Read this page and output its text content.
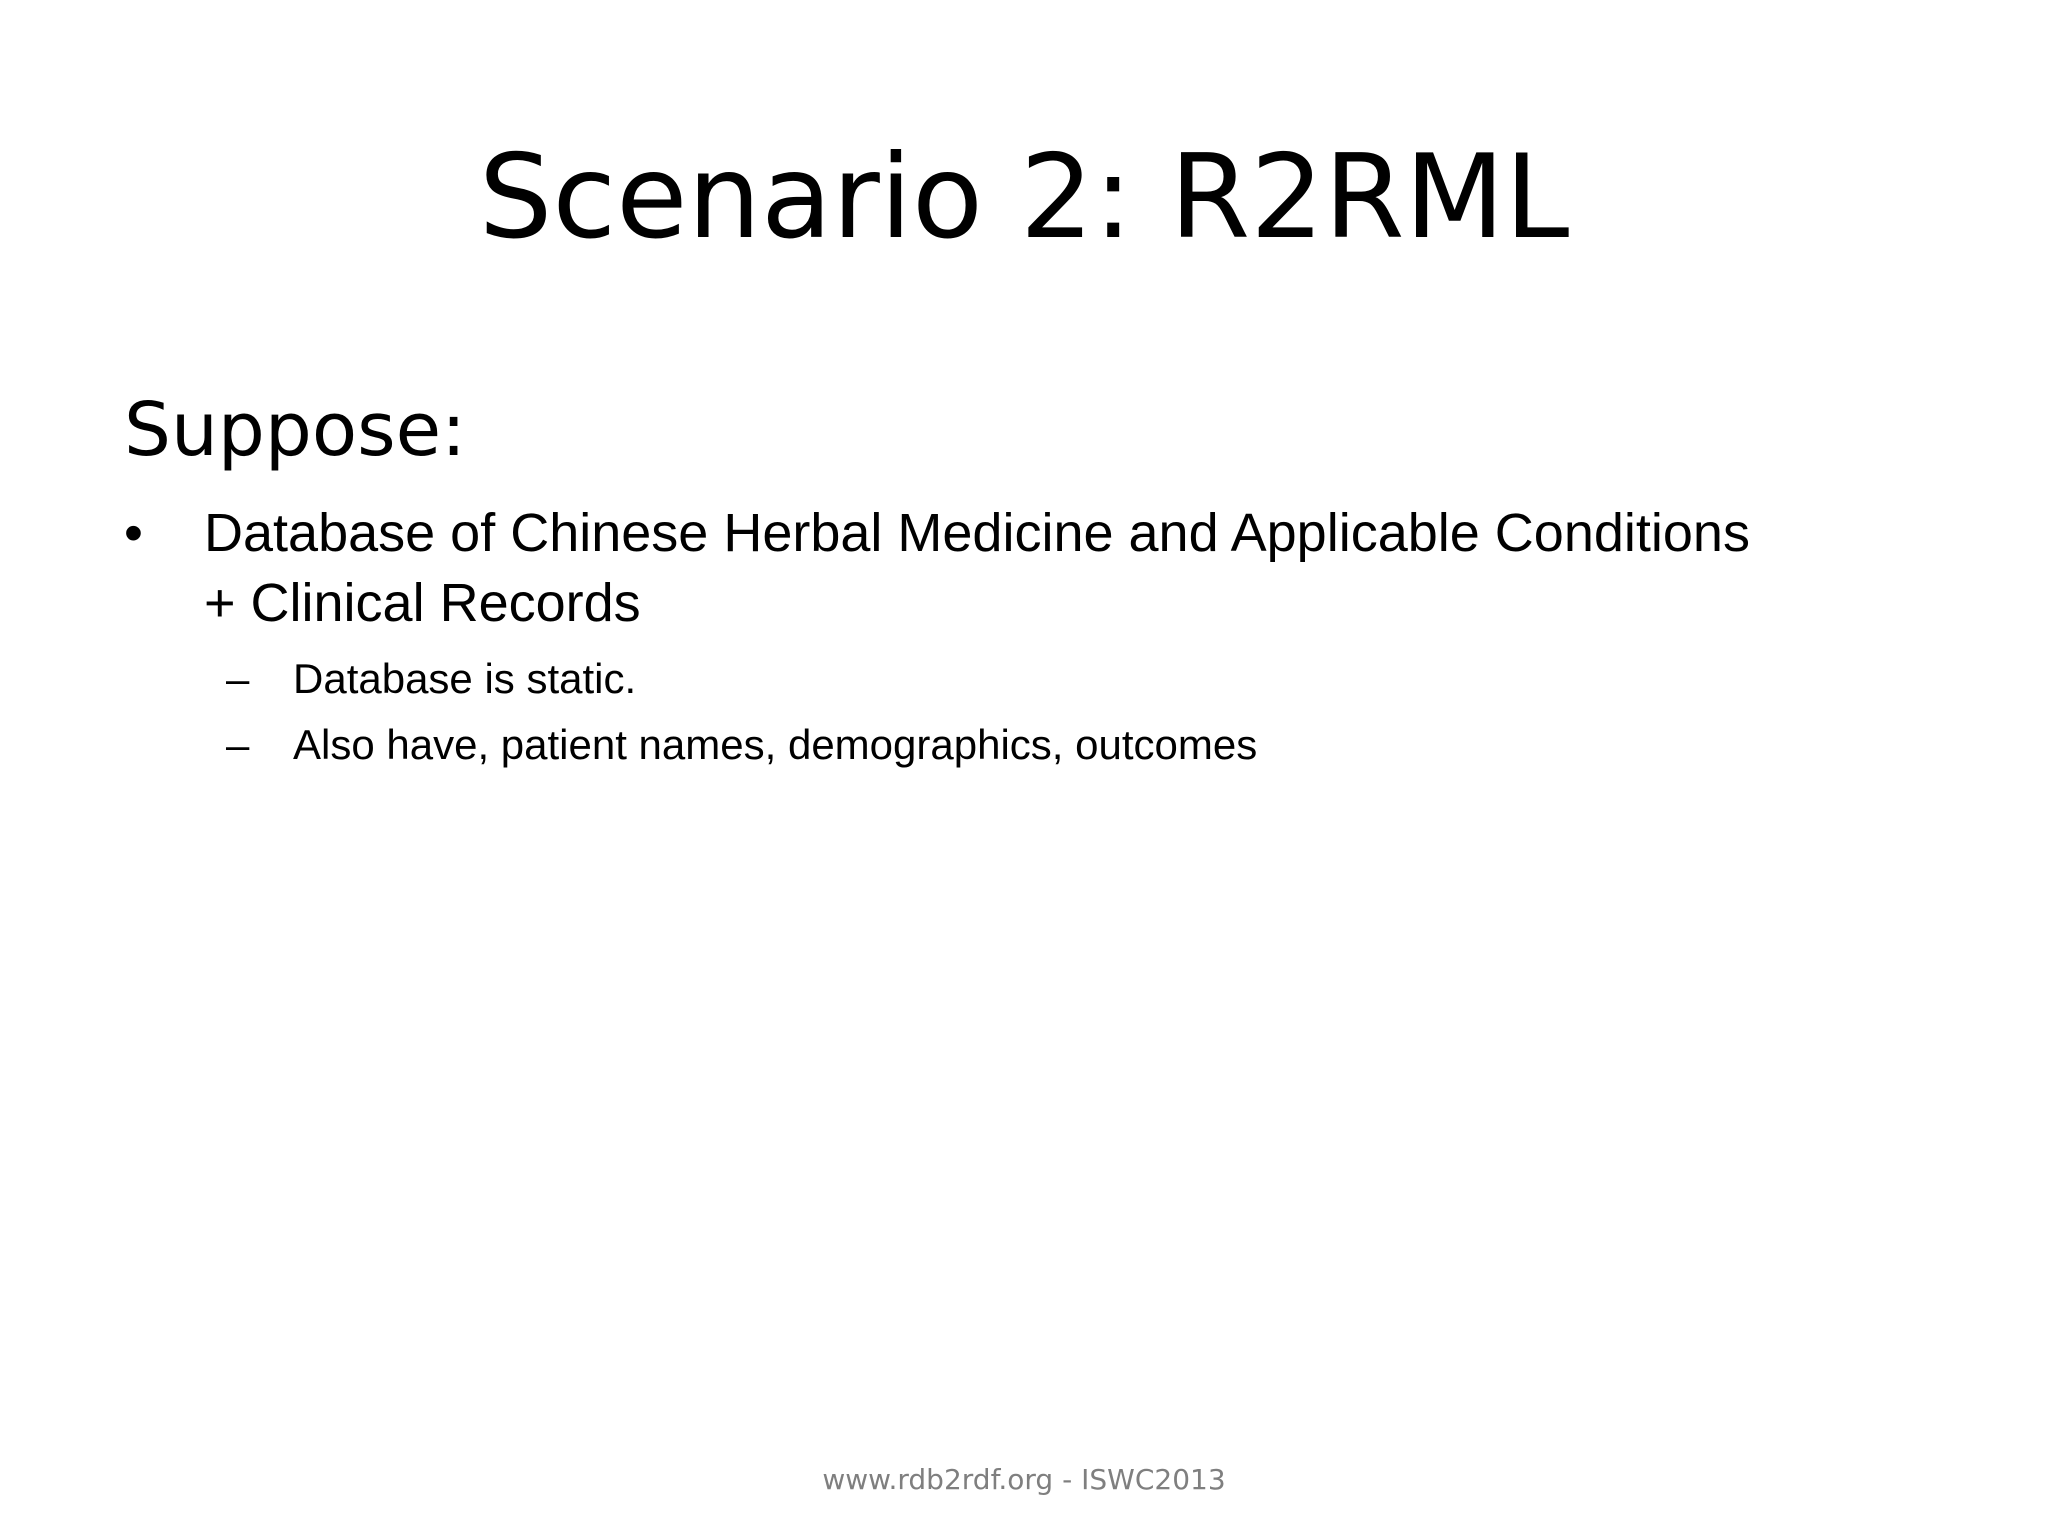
Scenario 2: R2RML
Suppose:
• Database of Chinese Herbal Medicine and Applicable Conditions
+ Clinical Records
– Database is static.
– Also have, patient names, demographics, outcomes
www.rdb2rdf.org - ISWC2013
